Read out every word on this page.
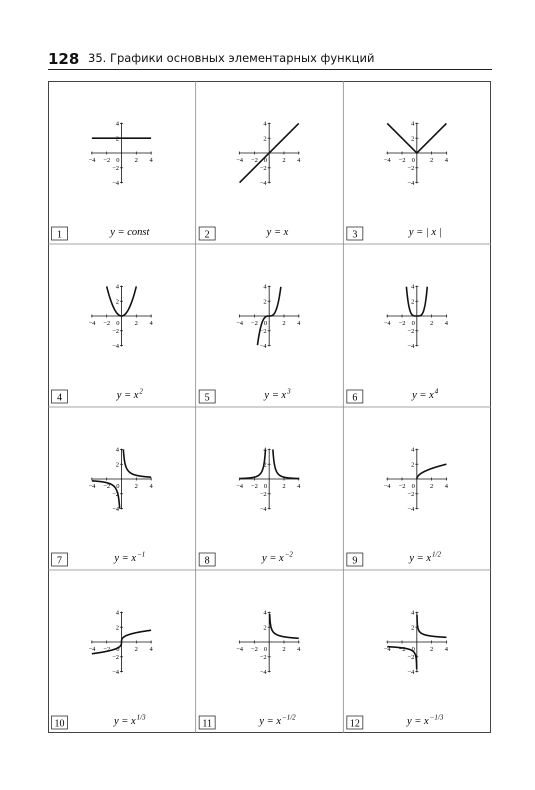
128 35. Графики основных элементарных функций
−4
−4
−2
−2
2
2
4
4
0
1	y = const
−4
−4
−2
−2
2
2
4
4
0
2	y = x
−4
−4
−2
−2
2
2
4
4
0
3	y = | x |
−4
−4
−2
−2
2
2
4
4
0
4	$y = x^2$
−4
−4
−2
−2
2
2
4
4
0
5	$y = x^3$
−4
−4
−2
−2
2
2
4
4
0
6	$y = x^4$
−4
−4
−2
−2
2
2
4
4
0
7	$y = x^{-1}$
−4
−4
−2
−2
2
2
4
4
0
8	$y = x^{-2}$
−4
−4
−2
−2
2
2
4
4
0
9	$y = x^{1/2}$
−4
−4
−2
−2
2
2
4
4
0
10	$y = x^{1/3}$
−4
−4
−2
−2
2
2
4
4
0
11	$y = x^{-1/2}$
−4
−4
−2
−2
2
2
4
4
0
12	$y = x^{-1/3}$
